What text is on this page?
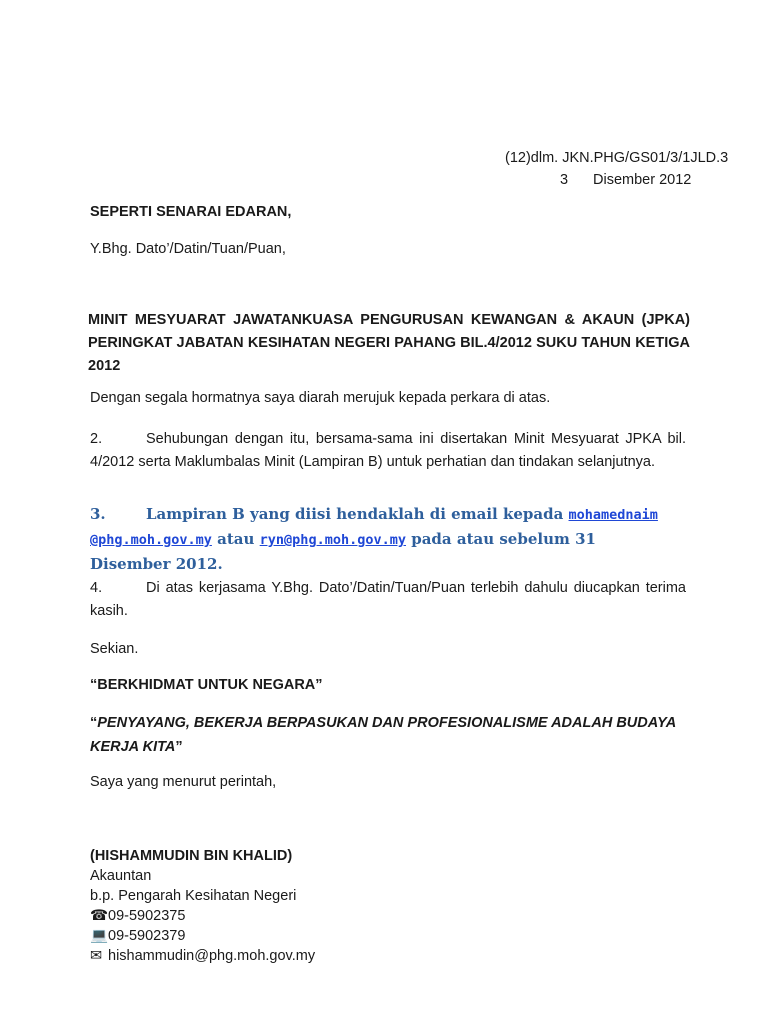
(12)dlm. JKN.PHG/GS01/3/1JLD.3
3 Disember 2012
SEPERTI SENARAI EDARAN,
Y.Bhg. Dato’/Datin/Tuan/Puan,
MINIT MESYUARAT JAWATANKUASA PENGURUSAN KEWANGAN & AKAUN (JPKA) PERINGKAT JABATAN KESIHATAN NEGERI PAHANG BIL.4/2012 SUKU TAHUN KETIGA 2012
Dengan segala hormatnya saya diarah merujuk kepada perkara di atas.
2.	Sehubungan dengan itu, bersama-sama ini disertakan Minit Mesyuarat JPKA bil. 4/2012 serta Maklumbalas Minit (Lampiran B) untuk perhatian dan tindakan selanjutnya.
3.	Lampiran B yang diisi hendaklah di email kepada mohamednaim @phg.moh.gov.my atau ryn@phg.moh.gov.my pada atau sebelum 31 Disember 2012.
4.	Di atas kerjasama Y.Bhg. Dato’/Datin/Tuan/Puan terlebih dahulu diucapkan terima kasih.
Sekian.
“BERKHIDMAT UNTUK NEGARA”
“PENYAYANG, BEKERJA BERPASUKAN DAN PROFESIONALISME ADALAH BUDAYA KERJA KITA”
Saya yang menurut perintah,
(HISHAMMUDIN BIN KHALID)
Akauntan
b.p. Pengarah Kesihatan Negeri
☎09-5902375
💻09-5902379
✉ hishammudin@phg.moh.gov.my
